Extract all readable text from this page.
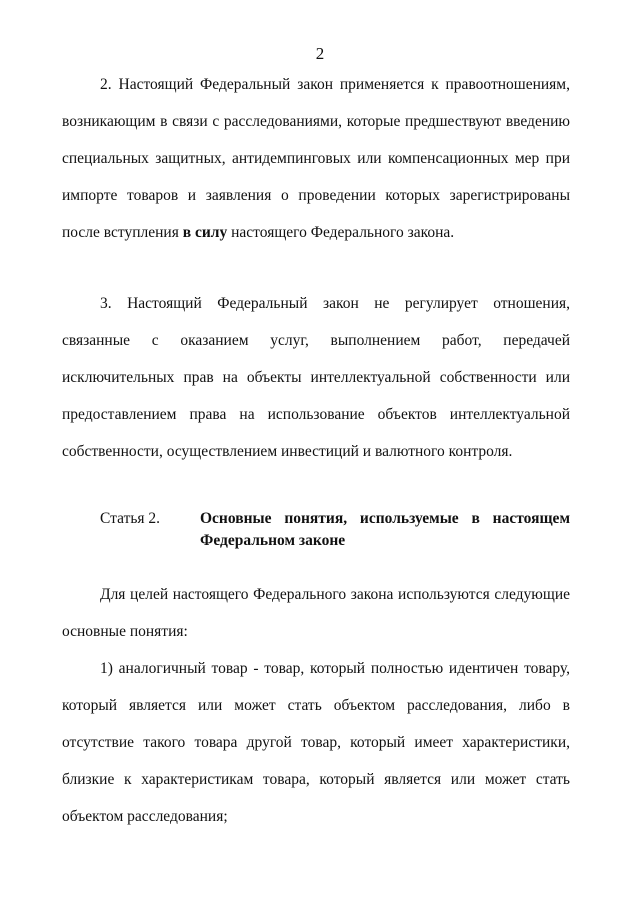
2

2. Настоящий Федеральный закон применяется к правоотношениям, возникающим в связи с расследованиями, которые предшествуют введению специальных защитных, антидемпинговых или компенсационных мер при импорте товаров и заявления о проведении которых зарегистрированы после вступления в силу настоящего Федерального закона.

3. Настоящий Федеральный закон не регулирует отношения, связанные с оказанием услуг, выполнением работ, передачей исключительных прав на объекты интеллектуальной собственности или предоставлением права на использование объектов интеллектуальной собственности, осуществлением инвестиций и валютного контроля.

Статья 2.	Основные понятия, используемые в настоящем Федеральном законе

Для целей настоящего Федерального закона используются следующие основные понятия:

1) аналогичный товар - товар, который полностью идентичен товару, который является или может стать объектом расследования, либо в отсутствие такого товара другой товар, который имеет характеристики, близкие к характеристикам товара, который является или может стать объектом расследования;
